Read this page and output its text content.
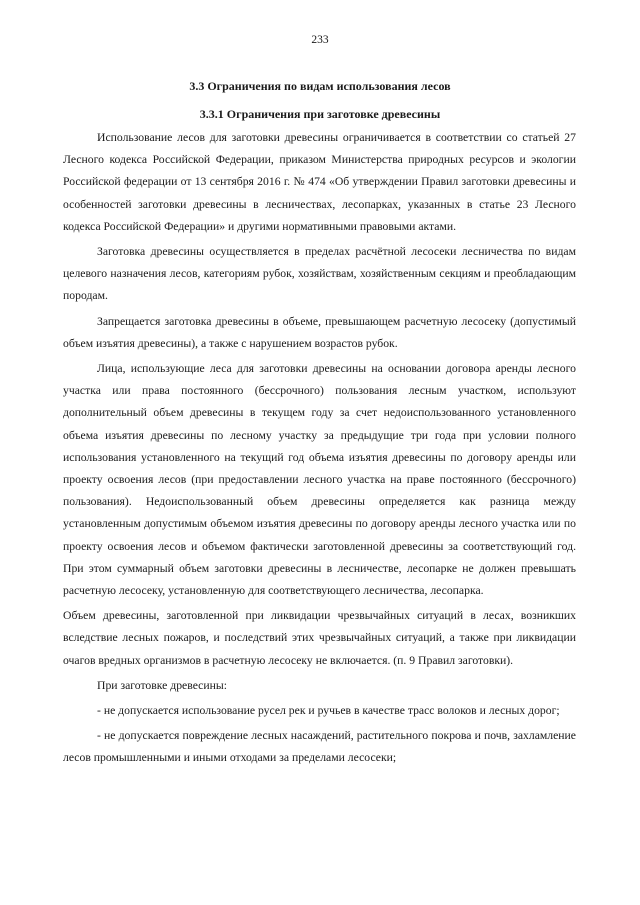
233
3.3 Ограничения по видам использования лесов
3.3.1 Ограничения при заготовке древесины

Использование лесов для заготовки древесины ограничивается в соответствии со статьей 27 Лесного кодекса Российской Федерации, приказом Министерства природных ресурсов и экологии Российской федерации от 13 сентября 2016 г. № 474 «Об утверждении Правил заготовки древесины и особенностей заготовки древесины в лесничествах, лесопарках, указанных в статье 23 Лесного кодекса Российской Федерации» и другими нормативными правовыми актами.

Заготовка древесины осуществляется в пределах расчётной лесосеки лесничества по видам целевого назначения лесов, категориям рубок, хозяйствам, хозяйственным секциям и преобладающим породам.

Запрещается заготовка древесины в объеме, превышающем расчетную лесосеку (допустимый объем изъятия древесины), а также с нарушением возрастов рубок.

Лица, использующие леса для заготовки древесины на основании договора аренды лесного участка или права постоянного (бессрочного) пользования лесным участком, используют дополнительный объем древесины в текущем году за счет недоиспользованного установленного объема изъятия древесины по лесному участку за предыдущие три года при условии полного использования установленного на текущий год объема изъятия древесины по договору аренды или проекту освоения лесов (при предоставлении лесного участка на праве постоянного (бессрочного) пользования). Недоиспользованный объем древесины определяется как разница между установленным допустимым объемом изъятия древесины по договору аренды лесного участка или по проекту освоения лесов и объемом фактически заготовленной древесины за соответствующий год. При этом суммарный объем заготовки древесины в лесничестве, лесопарке не должен превышать расчетную лесосеку, установленную для соответствующего лесничества, лесопарка.

Объем древесины, заготовленной при ликвидации чрезвычайных ситуаций в лесах, возникших вследствие лесных пожаров, и последствий этих чрезвычайных ситуаций, а также при ликвидации очагов вредных организмов в расчетную лесосеку не включается. (п. 9 Правил заготовки).

При заготовке древесины:

- не допускается использование русел рек и ручьев в качестве трасс волоков и лесных дорог;

- не допускается повреждение лесных насаждений, растительного покрова и почв, захламление лесов промышленными и иными отходами за пределами лесосеки;
